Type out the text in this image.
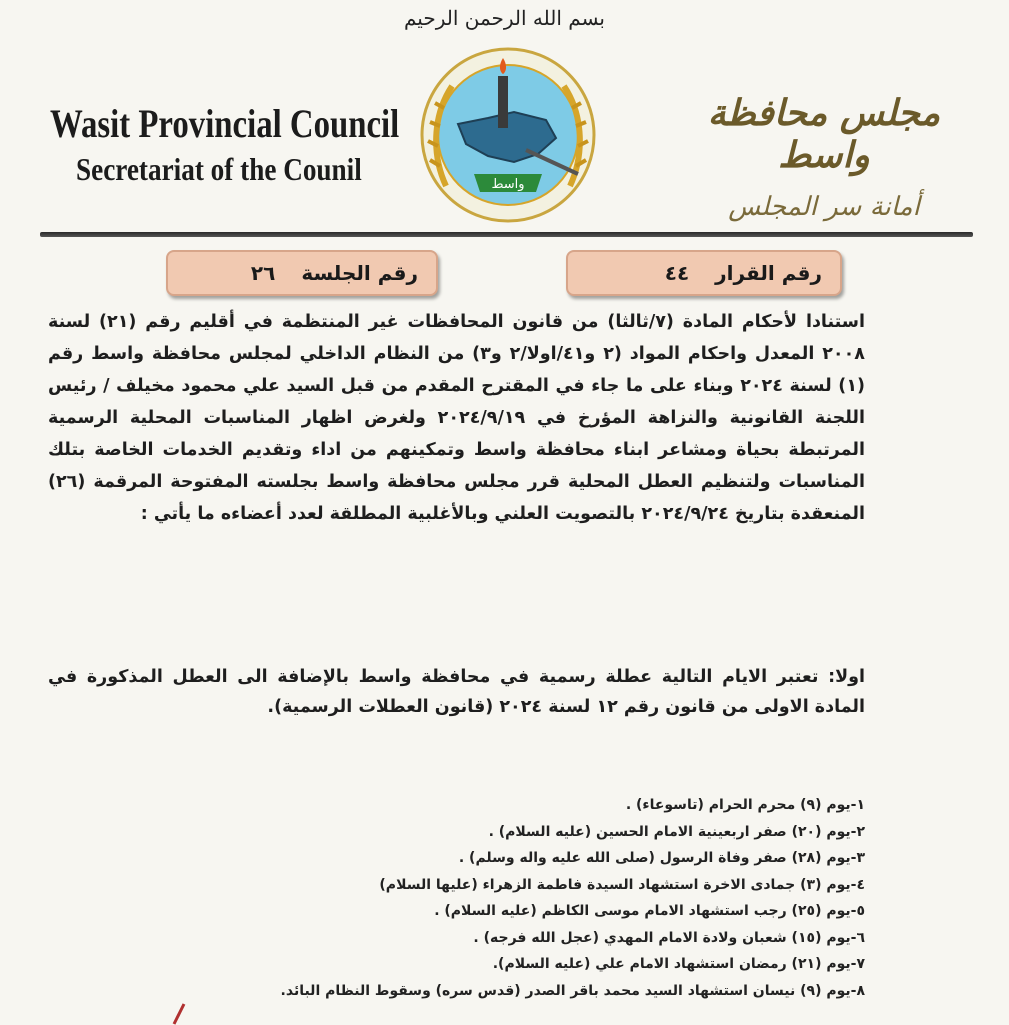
بسم الله الرحمن الرحيم
Wasit Provincial Council
Secretariat of the Counil	واسط
مجلس محافظة واسط
أمانة سر المجلس
رقم القرار
٤٤
رقم الجلسة
٢٦
استنادا لأحكام المادة (٧/ثالثا) من قانون المحافظات غير المنتظمة في أقليم رقم (٢١) لسنة ٢٠٠٨ المعدل واحكام المواد (٢ و٤١/اولا/٢ و٣) من النظام الداخلي لمجلس محافظة واسط رقم (١) لسنة ٢٠٢٤ وبناء على ما جاء في المقترح المقدم من قبل السيد علي محمود مخيلف / رئيس اللجنة القانونية والنزاهة المؤرخ في ٢٠٢٤/٩/١٩ ولغرض اظهار المناسبات المحلية الرسمية المرتبطة بحياة ومشاعر ابناء محافظة واسط وتمكينهم من اداء وتقديم الخدمات الخاصة بتلك المناسبات ولتنظيم العطل المحلية قرر مجلس محافظة واسط بجلسته المفتوحة المرقمة (٢٦) المنعقدة بتاريخ ٢٠٢٤/٩/٢٤ بالتصويت العلني وبالأغلبية المطلقة لعدد أعضاءه ما يأتي :
اولا: تعتبر الايام التالية عطلة رسمية في محافظة واسط بالإضافة الى العطل المذكورة في المادة الاولى من قانون رقم ١٢ لسنة ٢٠٢٤ (قانون العطلات الرسمية).
١-يوم (٩) محرم الحرام (تاسوعاء) .
٢-يوم (٢٠) صفر اربعينية الامام الحسين (عليه السلام) .
٣-يوم (٢٨) صفر وفاة الرسول (صلى الله عليه واله وسلم) .
٤-يوم (٣) جمادى الاخرة استشهاد السيدة فاطمة الزهراء (عليها السلام)
٥-يوم (٢٥) رجب استشهاد الامام موسى الكاظم (عليه السلام) .
٦-يوم (١٥) شعبان ولادة الامام المهدي (عجل الله فرجه) .
٧-يوم (٢١) رمضان استشهاد الامام علي (عليه السلام).
٨-يوم (٩) نيسان استشهاد السيد محمد باقر الصدر (قدس سره) وسقوط النظام البائد.
